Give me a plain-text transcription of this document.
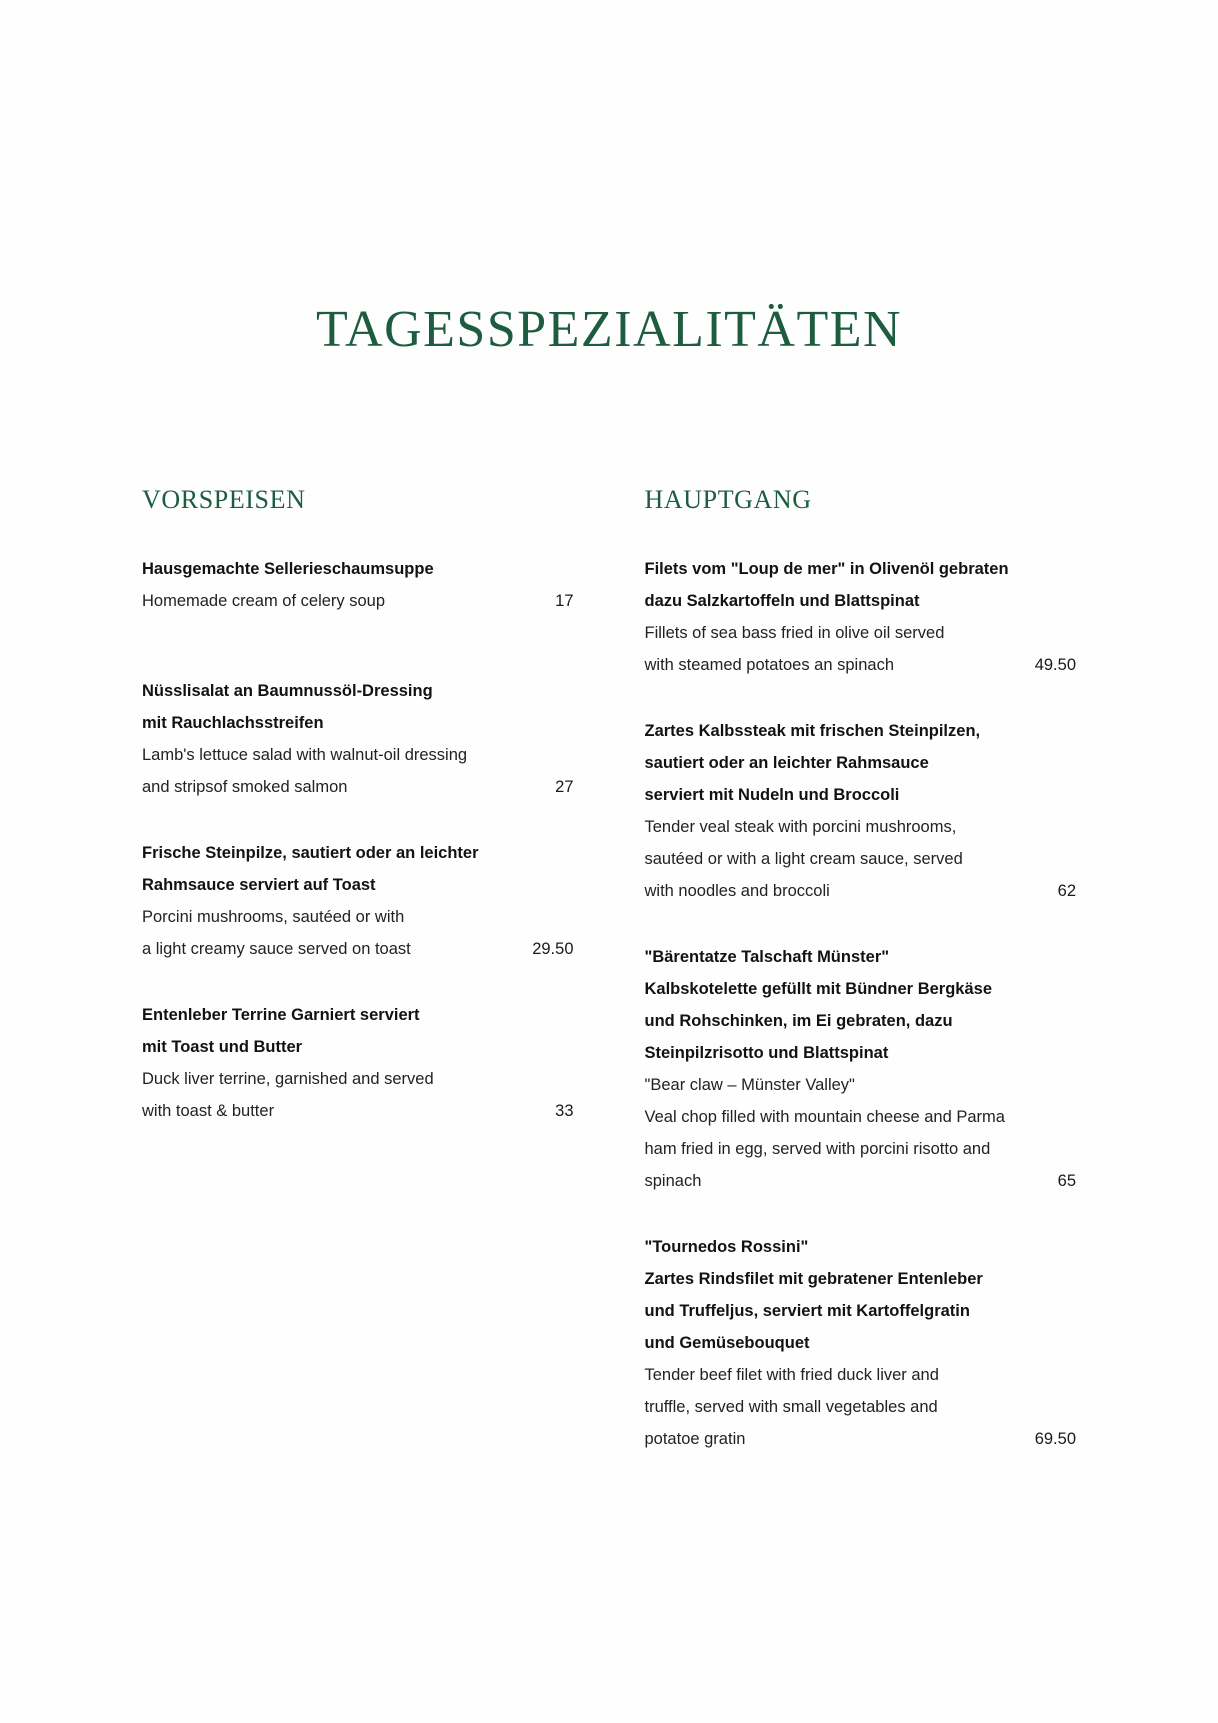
TAGESSPEZIALITÄTEN
VORSPEISEN
Hausgemachte Sellerieschaumsuppe
Homemade cream of celery soup	17
Nüsslisalat an Baumnussöl-Dressing
mit Rauchlachsstreifen
Lamb's lettuce salad with walnut-oil dressing
and stripsof smoked salmon	27
Frische Steinpilze, sautiert oder an leichter
Rahmsauce serviert auf Toast
Porcini mushrooms, sautéed or with
a light creamy sauce served on toast	29.50
Entenleber Terrine Garniert serviert
mit Toast und Butter
Duck liver terrine, garnished and served
with toast & butter	33
HAUPTGANG
Filets vom "Loup de mer" in Olivenöl gebraten
dazu Salzkartoffeln und Blattspinat
Fillets of sea bass fried in olive oil served
with steamed potatoes an spinach	49.50
Zartes Kalbssteak mit frischen Steinpilzen,
sautiert oder an leichter Rahmsauce
serviert mit Nudeln und Broccoli
Tender veal steak with porcini mushrooms,
sautéed or with a light cream sauce, served
with noodles and broccoli	62
"Bärentatze Talschaft Münster"
Kalbskotelette gefüllt mit Bündner Bergkäse
und Rohschinken, im Ei gebraten, dazu
Steinpilzrisotto und Blattspinat
"Bear claw – Münster Valley"
Veal chop filled with mountain cheese and Parma
ham fried in egg, served with porcini risotto and
spinach	65
"Tournedos Rossini"
Zartes Rindsfilet mit gebratener Entenleber
und Truffeljus, serviert mit Kartoffelgratin
und Gemüsebouquet
Tender beef filet with fried duck liver and
truffle, served with small vegetables and
potatoe gratin	69.50
